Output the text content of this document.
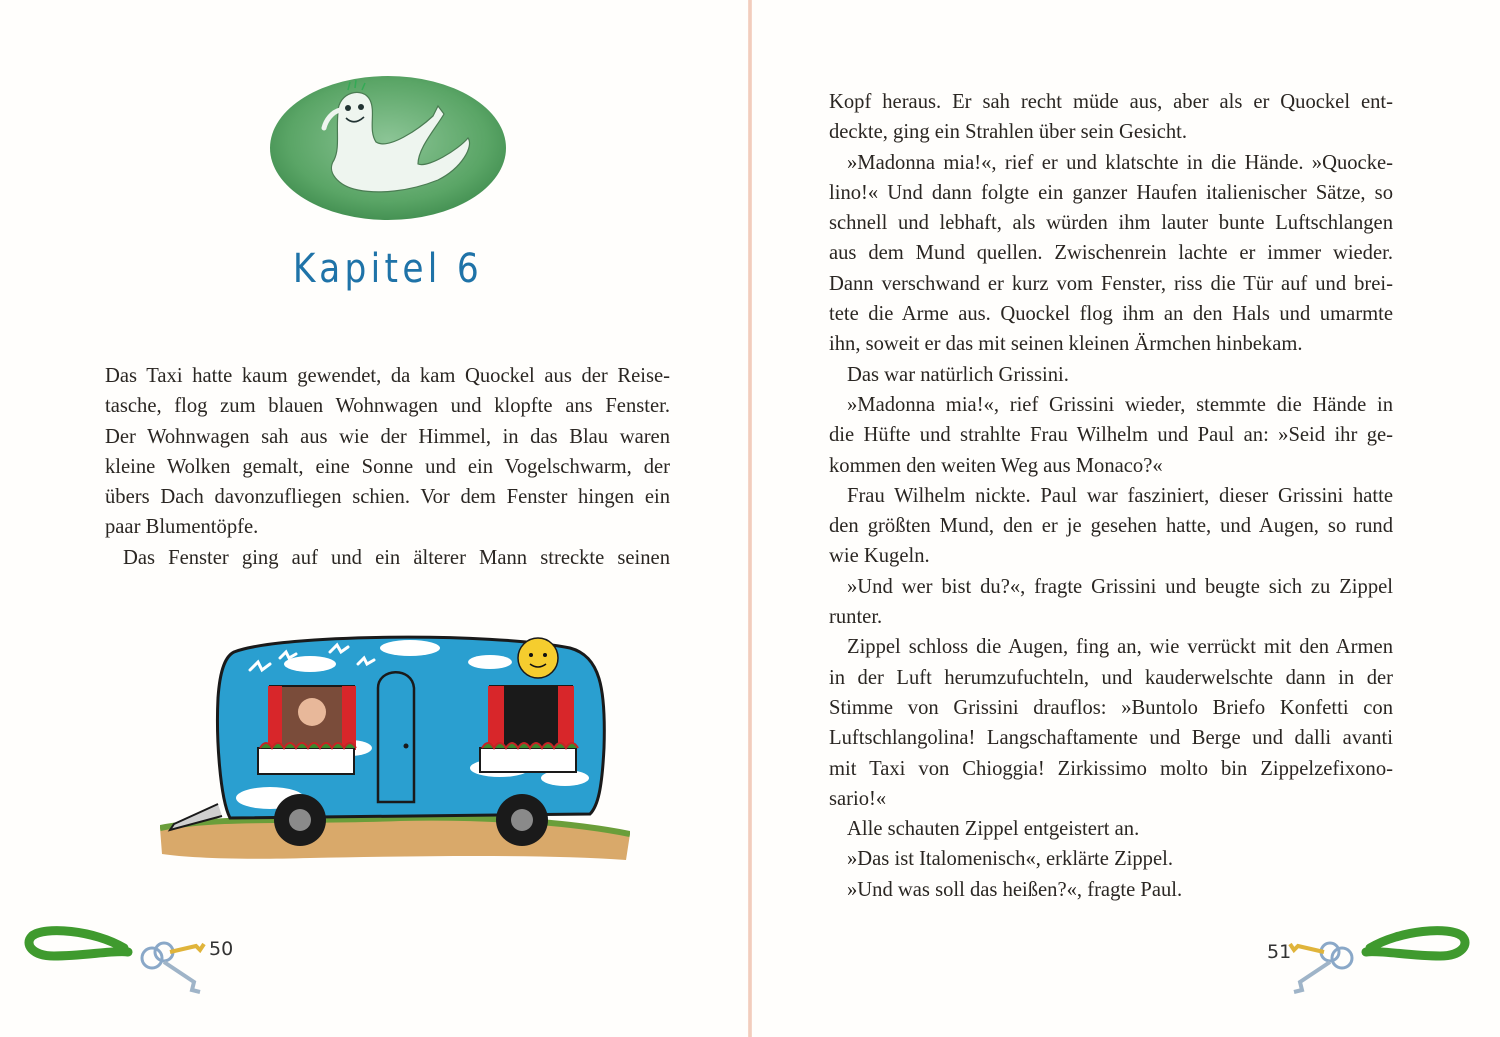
Kapitel 6
Das Taxi hatte kaum gewendet, da kam Quockel aus der Reise-
tasche, flog zum blauen Wohnwagen und klopfte ans Fenster.
Der Wohnwagen sah aus wie der Himmel, in das Blau waren
kleine Wolken gemalt, eine Sonne und ein Vogelschwarm, der
übers Dach davonzufliegen schien. Vor dem Fenster hingen ein
paar Blumentöpfe.
Das Fenster ging auf und ein älterer Mann streckte seinen
50
Kopf heraus. Er sah recht müde aus, aber als er Quockel ent-
deckte, ging ein Strahlen über sein Gesicht.
»Madonna mia!«, rief er und klatschte in die Hände. »Quocke-
lino!« Und dann folgte ein ganzer Haufen italienischer Sätze, so
schnell und lebhaft, als würden ihm lauter bunte Luftschlangen
aus dem Mund quellen. Zwischenrein lachte er immer wieder.
Dann verschwand er kurz vom Fenster, riss die Tür auf und brei-
tete die Arme aus. Quockel flog ihm an den Hals und umarmte
ihn, soweit er das mit seinen kleinen Ärmchen hinbekam.
Das war natürlich Grissini.
»Madonna mia!«, rief Grissini wieder, stemmte die Hände in
die Hüfte und strahlte Frau Wilhelm und Paul an: »Seid ihr ge-
kommen den weiten Weg aus Monaco?«
Frau Wilhelm nickte. Paul war fasziniert, dieser Grissini hatte
den größten Mund, den er je gesehen hatte, und Augen, so rund
wie Kugeln.
»Und wer bist du?«, fragte Grissini und beugte sich zu Zippel
runter.
Zippel schloss die Augen, fing an, wie verrückt mit den Armen
in der Luft herumzufuchteln, und kauderwelschte dann in der
Stimme von Grissini drauflos: »Buntolo Briefo Konfetti con
Luftschlangolina! Langschaftamente und Berge und dalli avanti
mit Taxi von Chioggia! Zirkissimo molto bin Zippelzefixono-
sario!«
Alle schauten Zippel entgeistert an.
»Das ist Italomenisch«, erklärte Zippel.
»Und was soll das heißen?«, fragte Paul.
51
